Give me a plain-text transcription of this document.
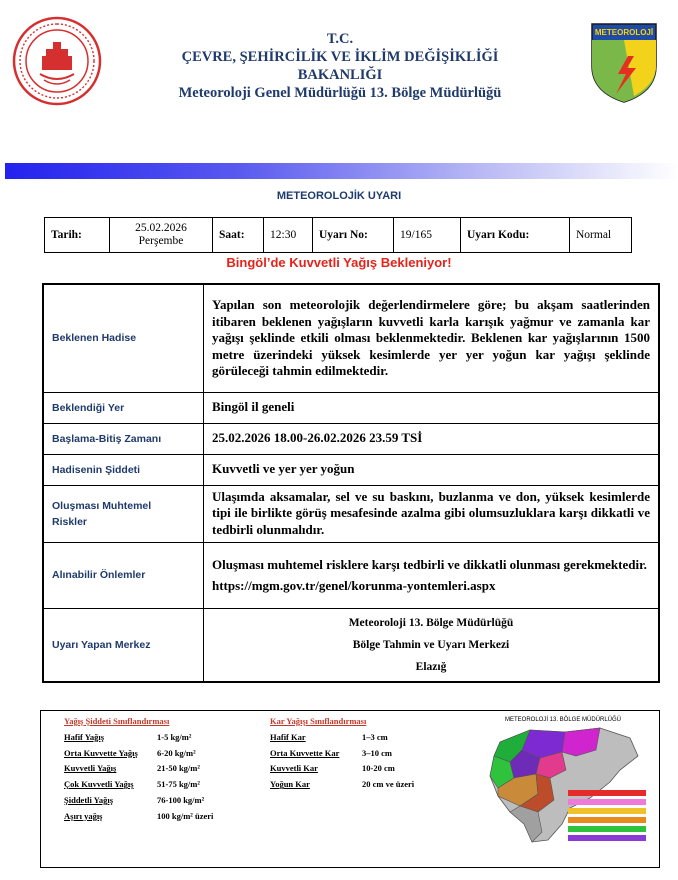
T.C.
ÇEVRE, ŞEHİRCİLİK VE İKLİM DEĞİŞİKLİĞİ
BAKANLIĞI
Meteoroloji Genel Müdürlüğü 13. Bölge Müdürlüğü
METEOROLOJİ
METEOROLOJİK UYARI
Tarih:	
25.02.2026
Perşembe	Saat:	12:30	Uyarı No:	19/165	Uyarı Kodu:	Normal
Bingöl’de Kuvvetli Yağış Bekleniyor!
Beklenen Hadise	Yapılan son meteorolojik değerlendirmelere göre; bu akşam saatlerinden itibaren beklenen yağışların kuvvetli karla karışık yağmur ve zamanla kar yağışı şeklinde etkili olması beklenmektedir. Beklenen kar yağışlarının 1500 metre üzerindeki yüksek kesimlerde yer yer yoğun kar yağışı şeklinde görüleceği tahmin edilmektedir.
Beklendiği Yer	Bingöl il geneli
Başlama-Bitiş Zamanı	25.02.2026 18.00-26.02.2026 23.59 TSİ
Hadisenin Şiddeti	Kuvvetli ve yer yer yoğun

Oluşması Muhtemel
Riskler	Ulaşımda aksamalar, sel ve su baskını, buzlanma ve don, yüksek kesimlerde tipi ile birlikte görüş mesafesinde azalma gibi olumsuzluklara karşı dikkatli ve tedbirli olunmalıdır.
Alınabilir Önlemler	Oluşması muhtemel risklere karşı tedbirli ve dikkatli olunması gerekmektedir.
https://mgm.gov.tr/genel/korunma-yontemleri.aspx
Uyarı Yapan Merkez	Meteoroloji 13. Bölge Müdürlüğü
Bölge Tahmin ve Uyarı Merkezi
Elazığ
Yağış Şiddeti Sınıflandırması
Hafif Yağış	1-5 kg/m²
Orta Kuvvette Yağış 6-20 kg/m²
Kuvvetli Yağış	21-50 kg/m²
Çok Kuvvetli Yağış	51-75 kg/m²
Şiddetli Yağış	76-100 kg/m²
Aşırı yağış	100 kg/m² üzeri
Kar Yağışı Sınıflandırması
Hafif Kar	1–3 cm
Orta Kuvvette Kar	3–10 cm
Kuvvetli Kar	10-20 cm
Yoğun Kar	20 cm ve üzeri
METEOROLOJİ 13. BÖLGE MÜDÜRLÜĞÜ
